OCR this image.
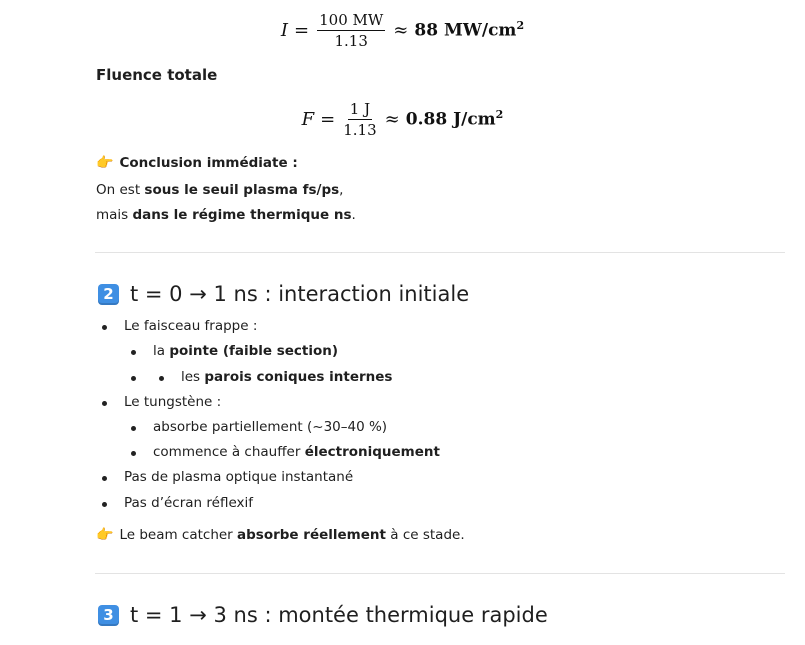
$I = \frac{100 MW}{1.13} \approx 88$ $MW/cm^2$
Fluence totale
$F = \frac{1 J}{1.13} \approx 0.88$ $J/cm^2$
👉 Conclusion immédiate :
On est sous le seuil plasma fs/ps,
mais dans le régime thermique ns.
2 t = 0 → 1 ns : interaction initiale
Le faisceau frappe :
la pointe (faible section)
les parois coniques internes
Le tungstène :
absorbe partiellement (~30–40 %)
commence à chauffer électroniquement
Pas de plasma optique instantané
Pas d’écran réflexif
👉 Le beam catcher absorbe réellement à ce stade.
3 t = 1 → 3 ns : montée thermique rapide
